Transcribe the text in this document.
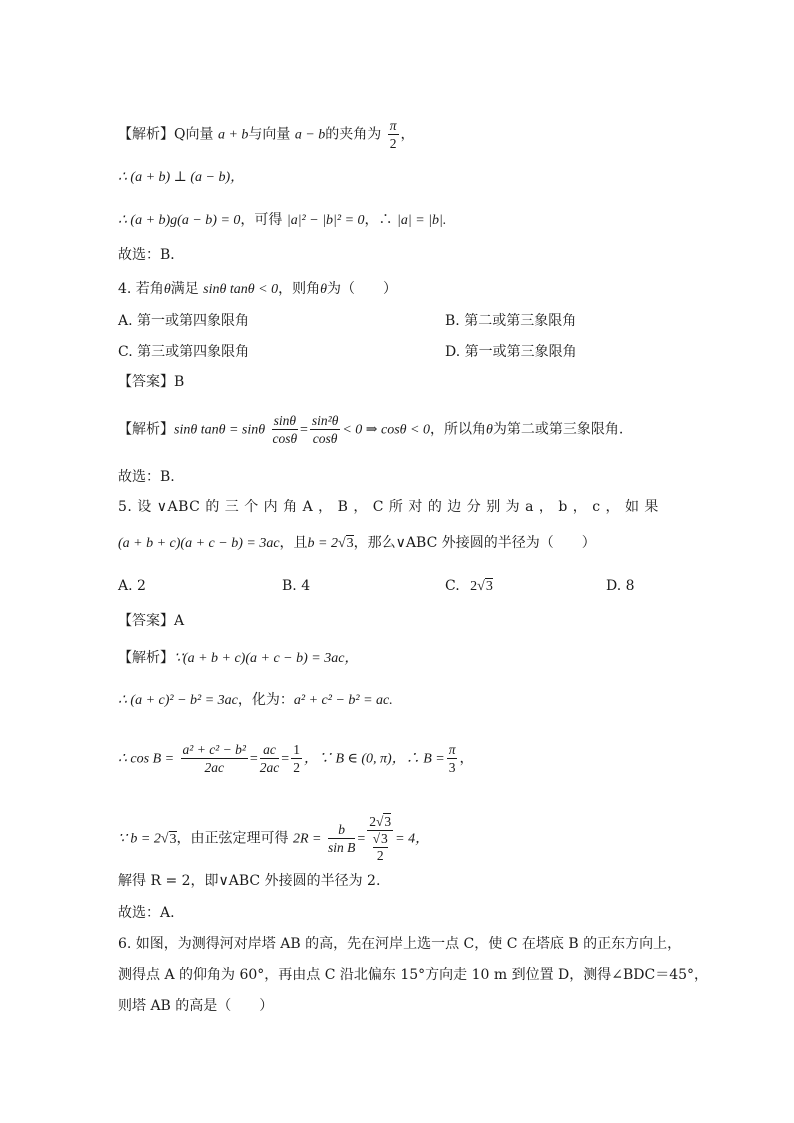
【解析】Q向量 a + b与向量 a − b的夹角为 $\frac{\pi}{2}$ ，
∴ (a + b) ⊥ (a − b)，
∴ (a + b)g(a − b) = 0，可得 |a|² − |b|² = 0，∴ |a| = |b|.
故选：B．
4. 若角θ满足 sinθ tanθ < 0，则角θ为（　　）
A. 第一或第四象限角	B. 第二或第三象限角
C. 第三或第四象限角	D. 第一或第三象限角
【答案】B
【解析】sinθ tanθ = sinθ $\frac{\sin\theta}{\cos\theta} = \frac{\text{sin²θ}}{\cos\theta} < 0$ ⇒ cosθ < 0，所以角θ为第二或第三象限角.
故选：B.
5. 设 ∨ABC 的 三 个 内 角 A ， B ， C 所 对 的 边 分 别 为 a ， b ， c ， 如 果
(a + b + c)(a + c − b) = 3ac，且b = 2√3，那么∨ABC 外接圆的半径为（　　）
A. 2	B. 4	C. 2√3	D. 8
【答案】A
【解析】∵(a + b + c)(a + c − b) = 3ac，
∴ (a + c)² − b² = 3ac，化为：a² + c² − b² = ac.
∴ $\cos B = \frac{\text{a² + c² − b²}}{2ac} = \frac{ac}{2ac} = \frac{1}{2}$ ，∵ B ∈ (0, π)，∴ $B = \frac{\pi}{3}$ ，
∵ b = 2√3，由正弦定理可得 $2R = \frac{b}{\text{sin B}} = \frac{2√3}{\frac{√3}{2}} = 4$，
解得 R = 2，即∨ABC 外接圆的半径为 2.
故选：A.
6. 如图，为测得河对岸塔 AB 的高，先在河岸上选一点 C，使 C 在塔底 B 的正东方向上，
测得点 A 的仰角为 60°，再由点 C 沿北偏东 15°方向走 10 m 到位置 D，测得∠BDC＝45°，
则塔 AB 的高是（　　）
